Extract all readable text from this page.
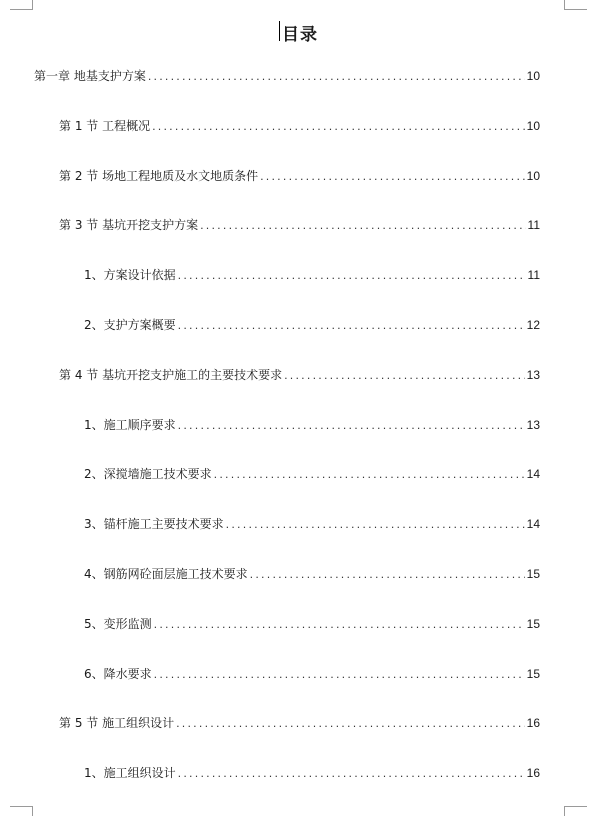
目录
第一章 地基支护方案 .....	10
第 1 节 工程概况 .....	10
第 2 节 场地工程地质及水文地质条件 .....	10
第 3 节 基坑开挖支护方案 .....	11
1、 方案设计依据 .....	11
2、 支护方案概要 .....	12
第 4 节 基坑开挖支护施工的主要技术要求 .....	13
1、 施工顺序要求 .....	13
2、 深搅墙施工技术要求 .....	14
3、 锚杆施工主要技术要求 .....	14
4、 钢筋网砼面层施工技术要求 .....	15
5、 变形监测 .....	15
6、 降水要求 .....	15
第 5 节 施工组织设计 .....	16
1、 施工组织设计 .....	16
